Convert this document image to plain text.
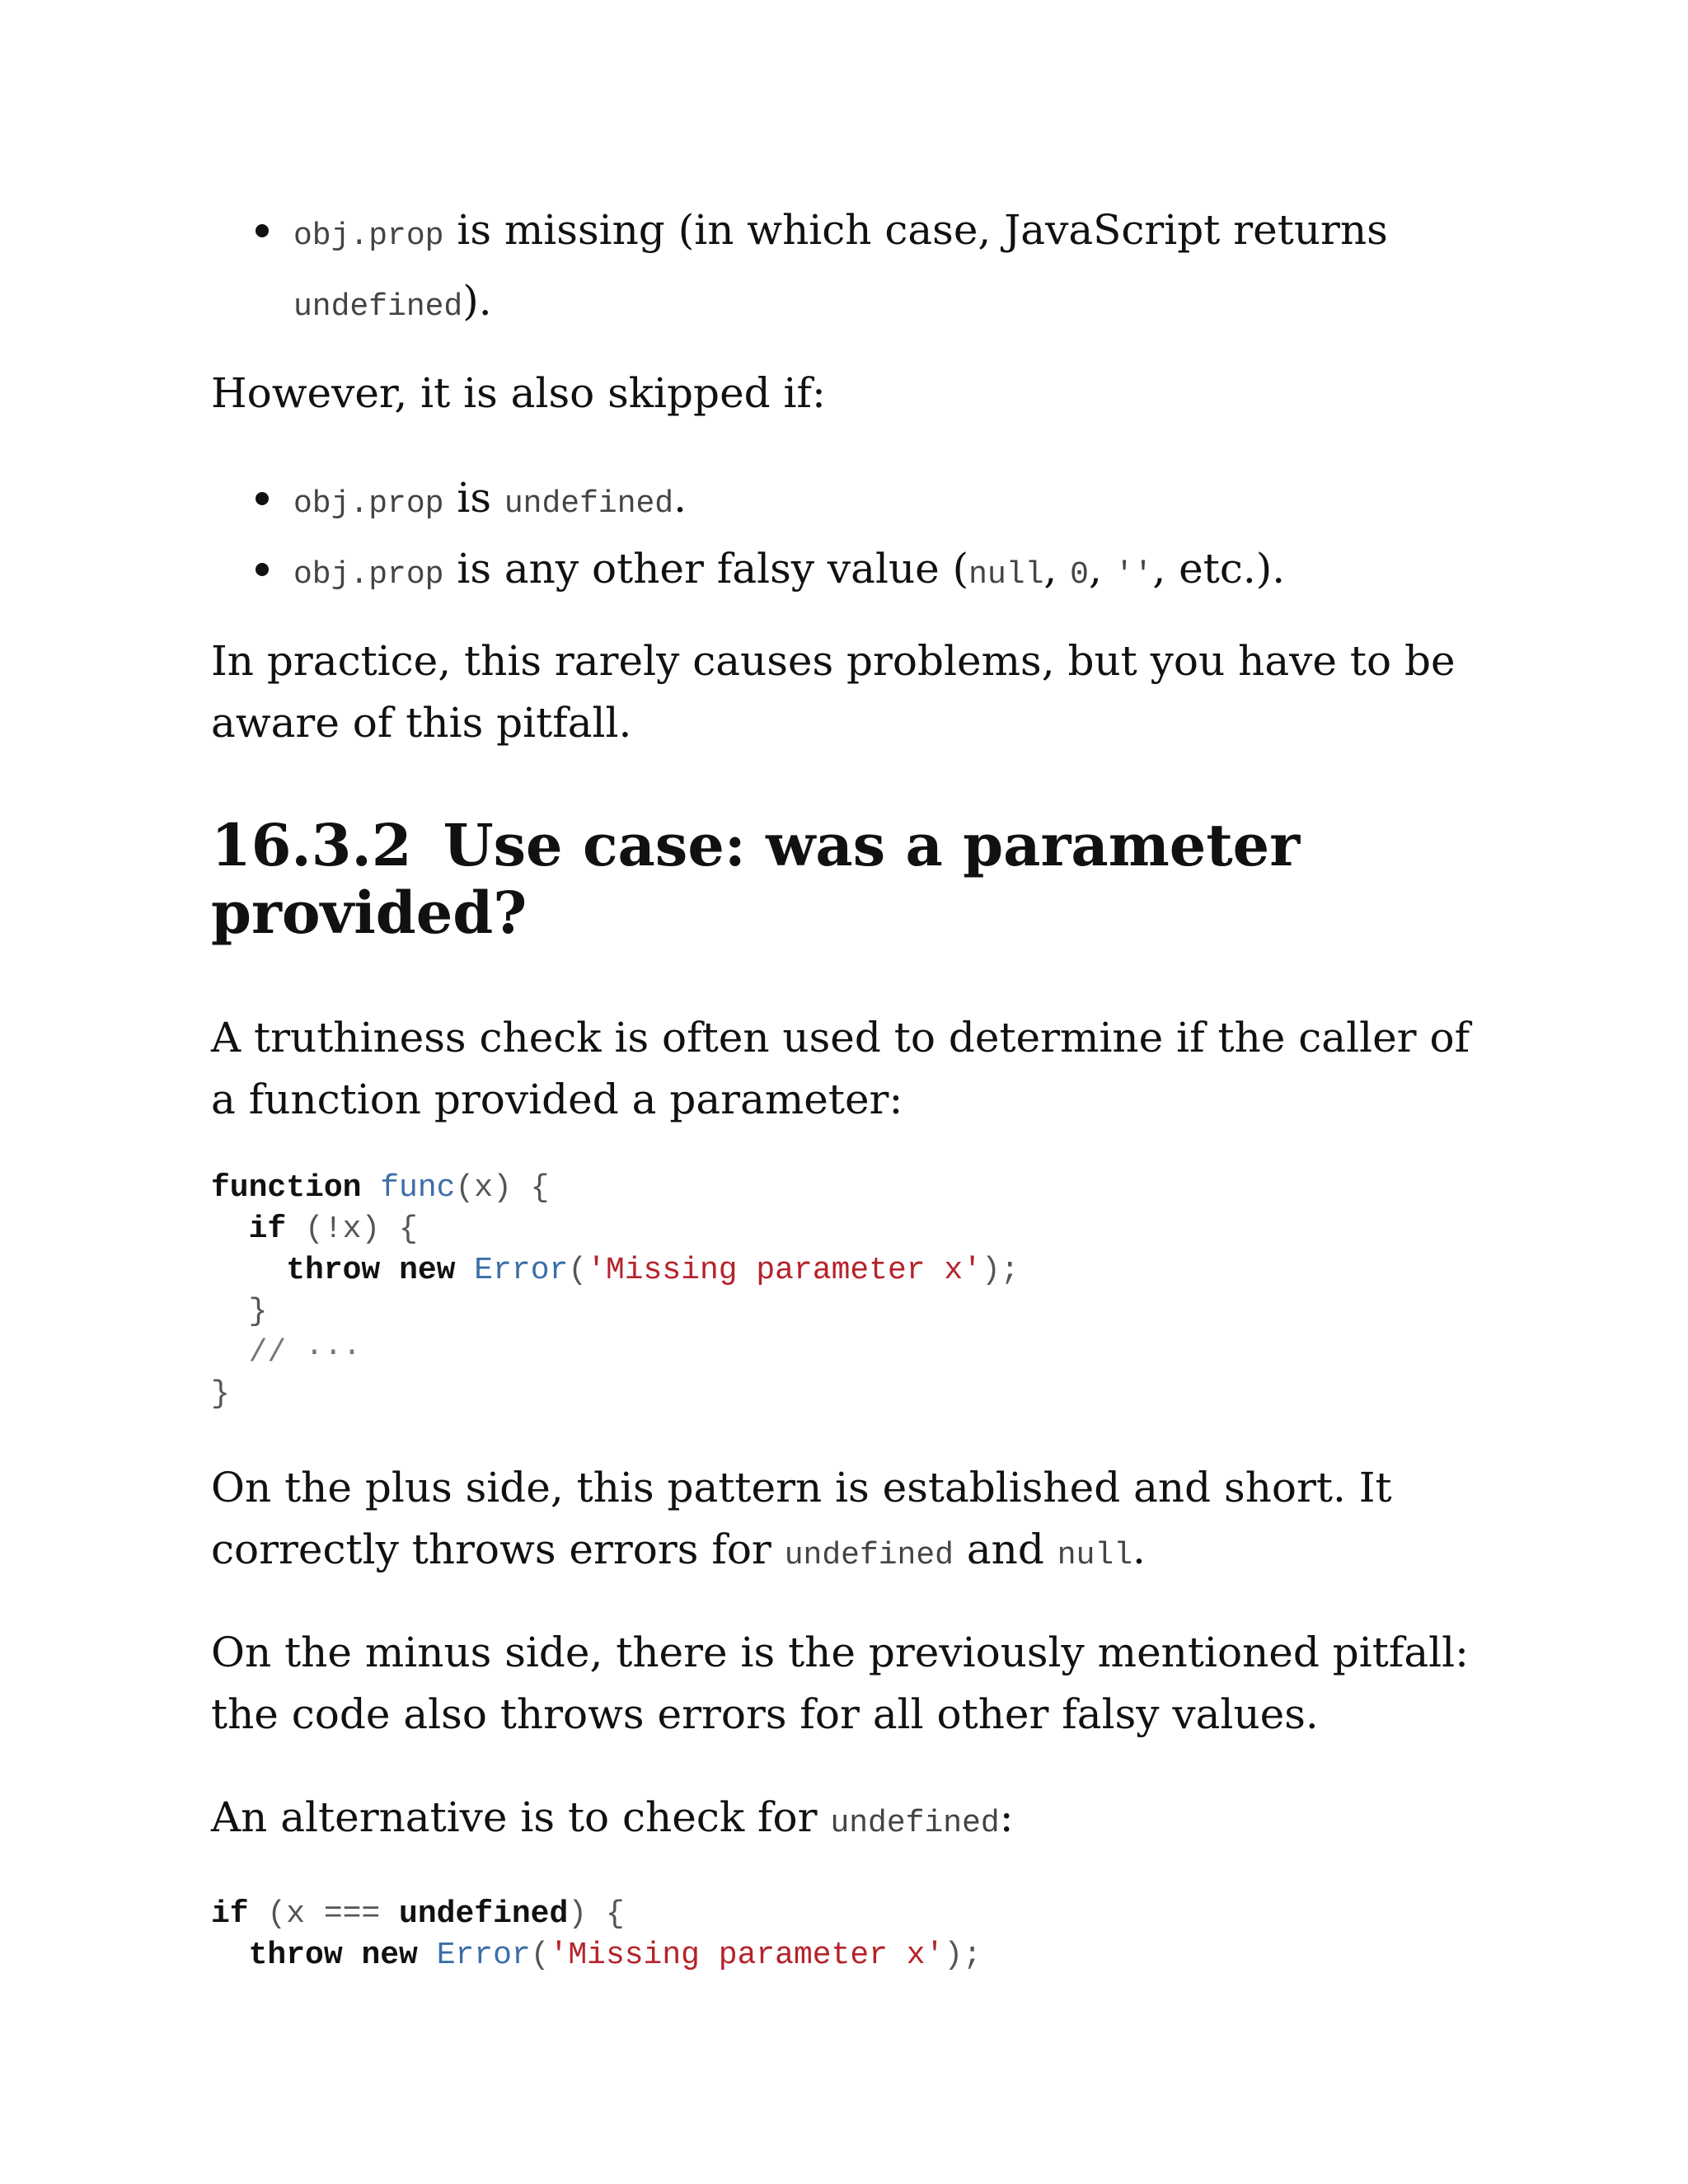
obj.prop is missing (in which case, JavaScript returns undefined).

However, it is also skipped if:

obj.prop is undefined.
obj.prop is any other falsy value (null, 0, '', etc.).

In practice, this rarely causes problems, but you have to be aware of this pitfall.

16.3.2 Use case: was a parameter provided?

A truthiness check is often used to determine if the caller of a function provided a parameter:

function func(x) {
if (!x) {
throw new Error('Missing parameter x');
}
// ···
}

On the plus side, this pattern is established and short. It correctly throws errors for undefined and null.

On the minus side, there is the previously mentioned pitfall: the code also throws errors for all other falsy values.

An alternative is to check for undefined:

if (x === undefined) {
throw new Error('Missing parameter x');
